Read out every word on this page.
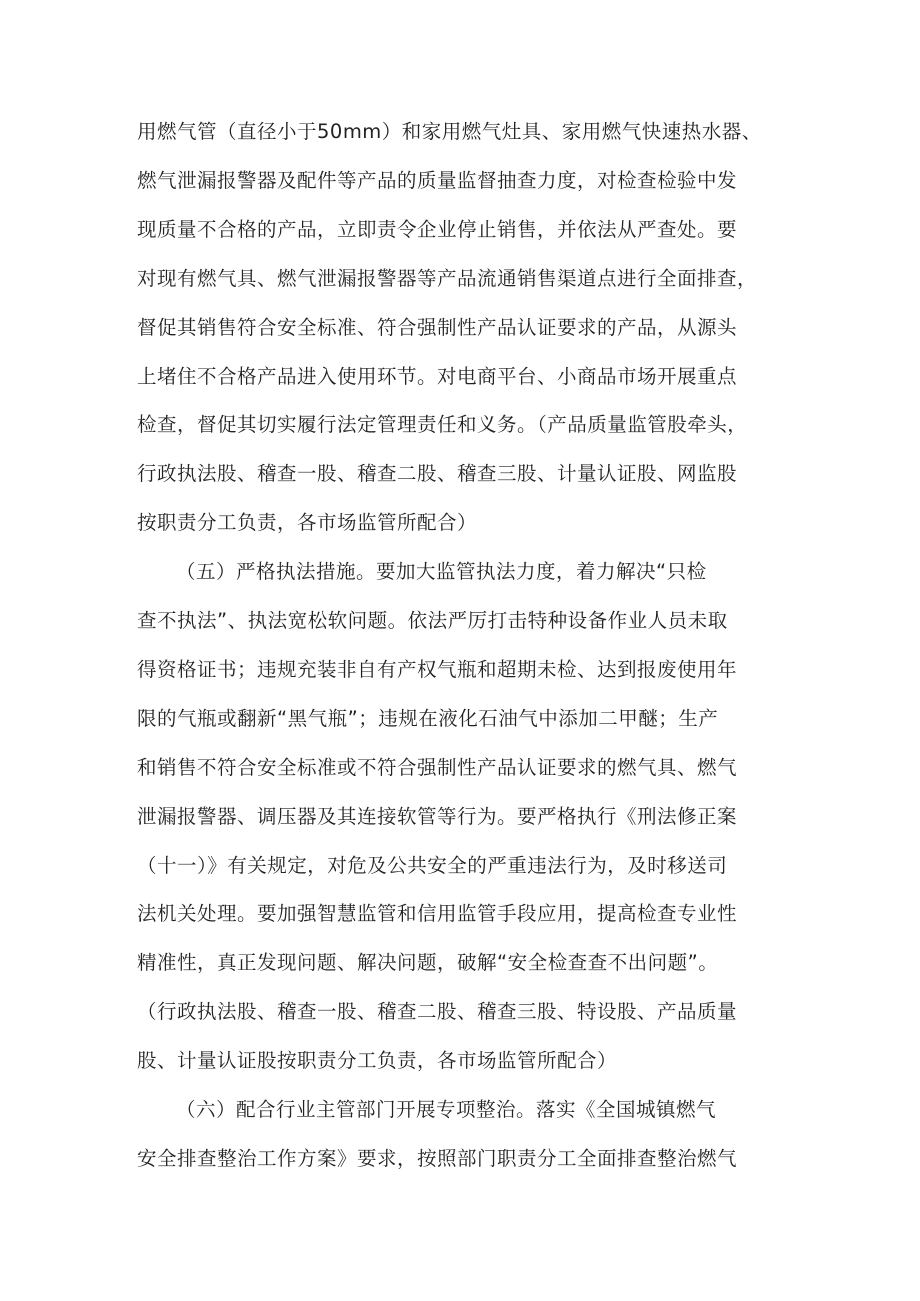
用燃气管（直径小于50mm）和家用燃气灶具、家用燃气快速热水器、

燃气泄漏报警器及配件等产品的质量监督抽查力度，对检查检验中发

现质量不合格的产品，立即责令企业停止销售，并依法从严查处。要

对现有燃气具、燃气泄漏报警器等产品流通销售渠道点进行全面排查，

督促其销售符合安全标准、符合强制性产品认证要求的产品，从源头

上堵住不合格产品进入使用环节。对电商平台、小商品市场开展重点

检查，督促其切实履行法定管理责任和义务。（产品质量监管股牵头，

行政执法股、稽查一股、稽查二股、稽查三股、计量认证股、网监股

按职责分工负责，各市场监管所配合）

（五）严格执法措施。要加大监管执法力度，着力解决“只检

查不执法”、执法宽松软问题。依法严厉打击特种设备作业人员未取

得资格证书；违规充装非自有产权气瓶和超期未检、达到报废使用年

限的气瓶或翻新“黑气瓶”；违规在液化石油气中添加二甲醚；生产

和销售不符合安全标准或不符合强制性产品认证要求的燃气具、燃气

泄漏报警器、调压器及其连接软管等行为。要严格执行《刑法修正案

（十一）》有关规定，对危及公共安全的严重违法行为，及时移送司

法机关处理。要加强智慧监管和信用监管手段应用，提高检查专业性

精准性，真正发现问题、解决问题，破解“安全检查查不出问题”。

（行政执法股、稽查一股、稽查二股、稽查三股、特设股、产品质量

股、计量认证股按职责分工负责，各市场监管所配合）

（六）配合行业主管部门开展专项整治。落实《全国城镇燃气

安全排查整治工作方案》要求，按照部门职责分工全面排查整治燃气
